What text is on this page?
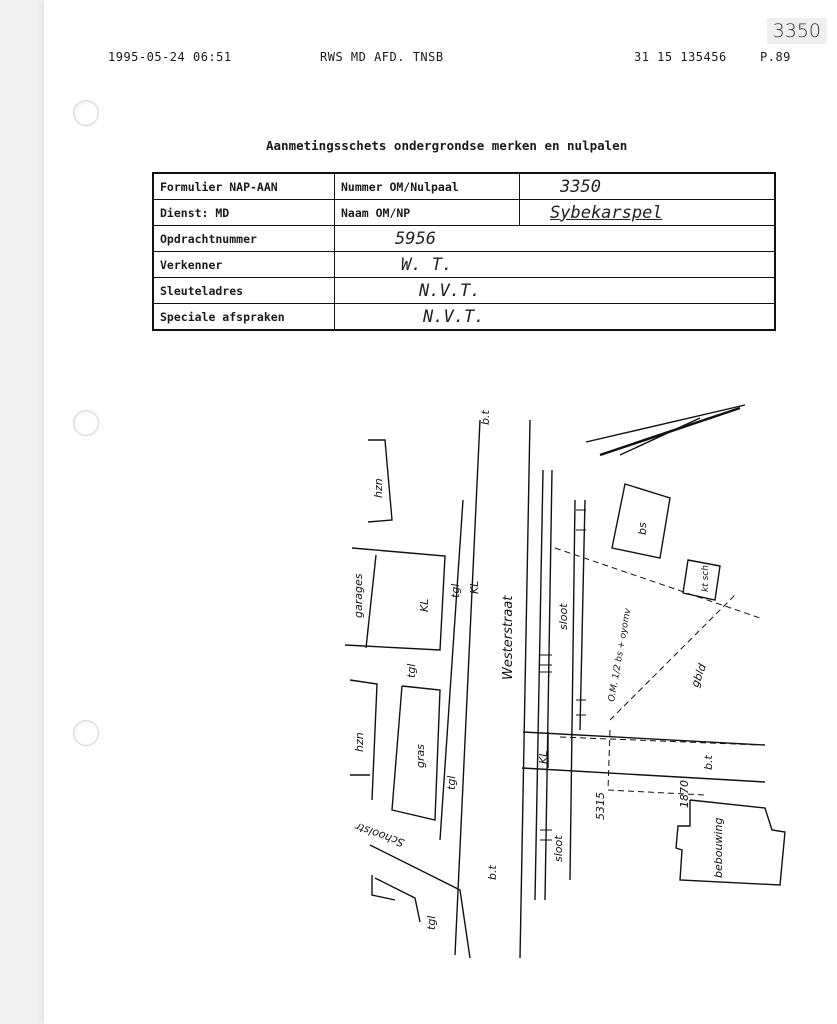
1995-05-24 06:51	RWS MD AFD. TNSB	31 15 135456	P.89
3350
Aanmetingsschets ondergrondse merken en nulpalen
Formulier NAP-AAN	Nummer OM/Nulpaal	3350
Dienst: MD	Naam OM/NP	Sybekarspel
Opdrachtnummer	5956	
Verkenner	W. T.	
Sleuteladres	N.V.T.	
Speciale afspraken	N.V.T.	
b.t
b.t
b.t
hzn
hzn
garages	KL
KL
KL
tgl
tgl
tgl
tgl
gras
Westerstraat	sloot
sloot
bs
kt sch
O.M. 1/2 bs + oyomv	gbld
1870
5315
Schoolstr	bebouwing
